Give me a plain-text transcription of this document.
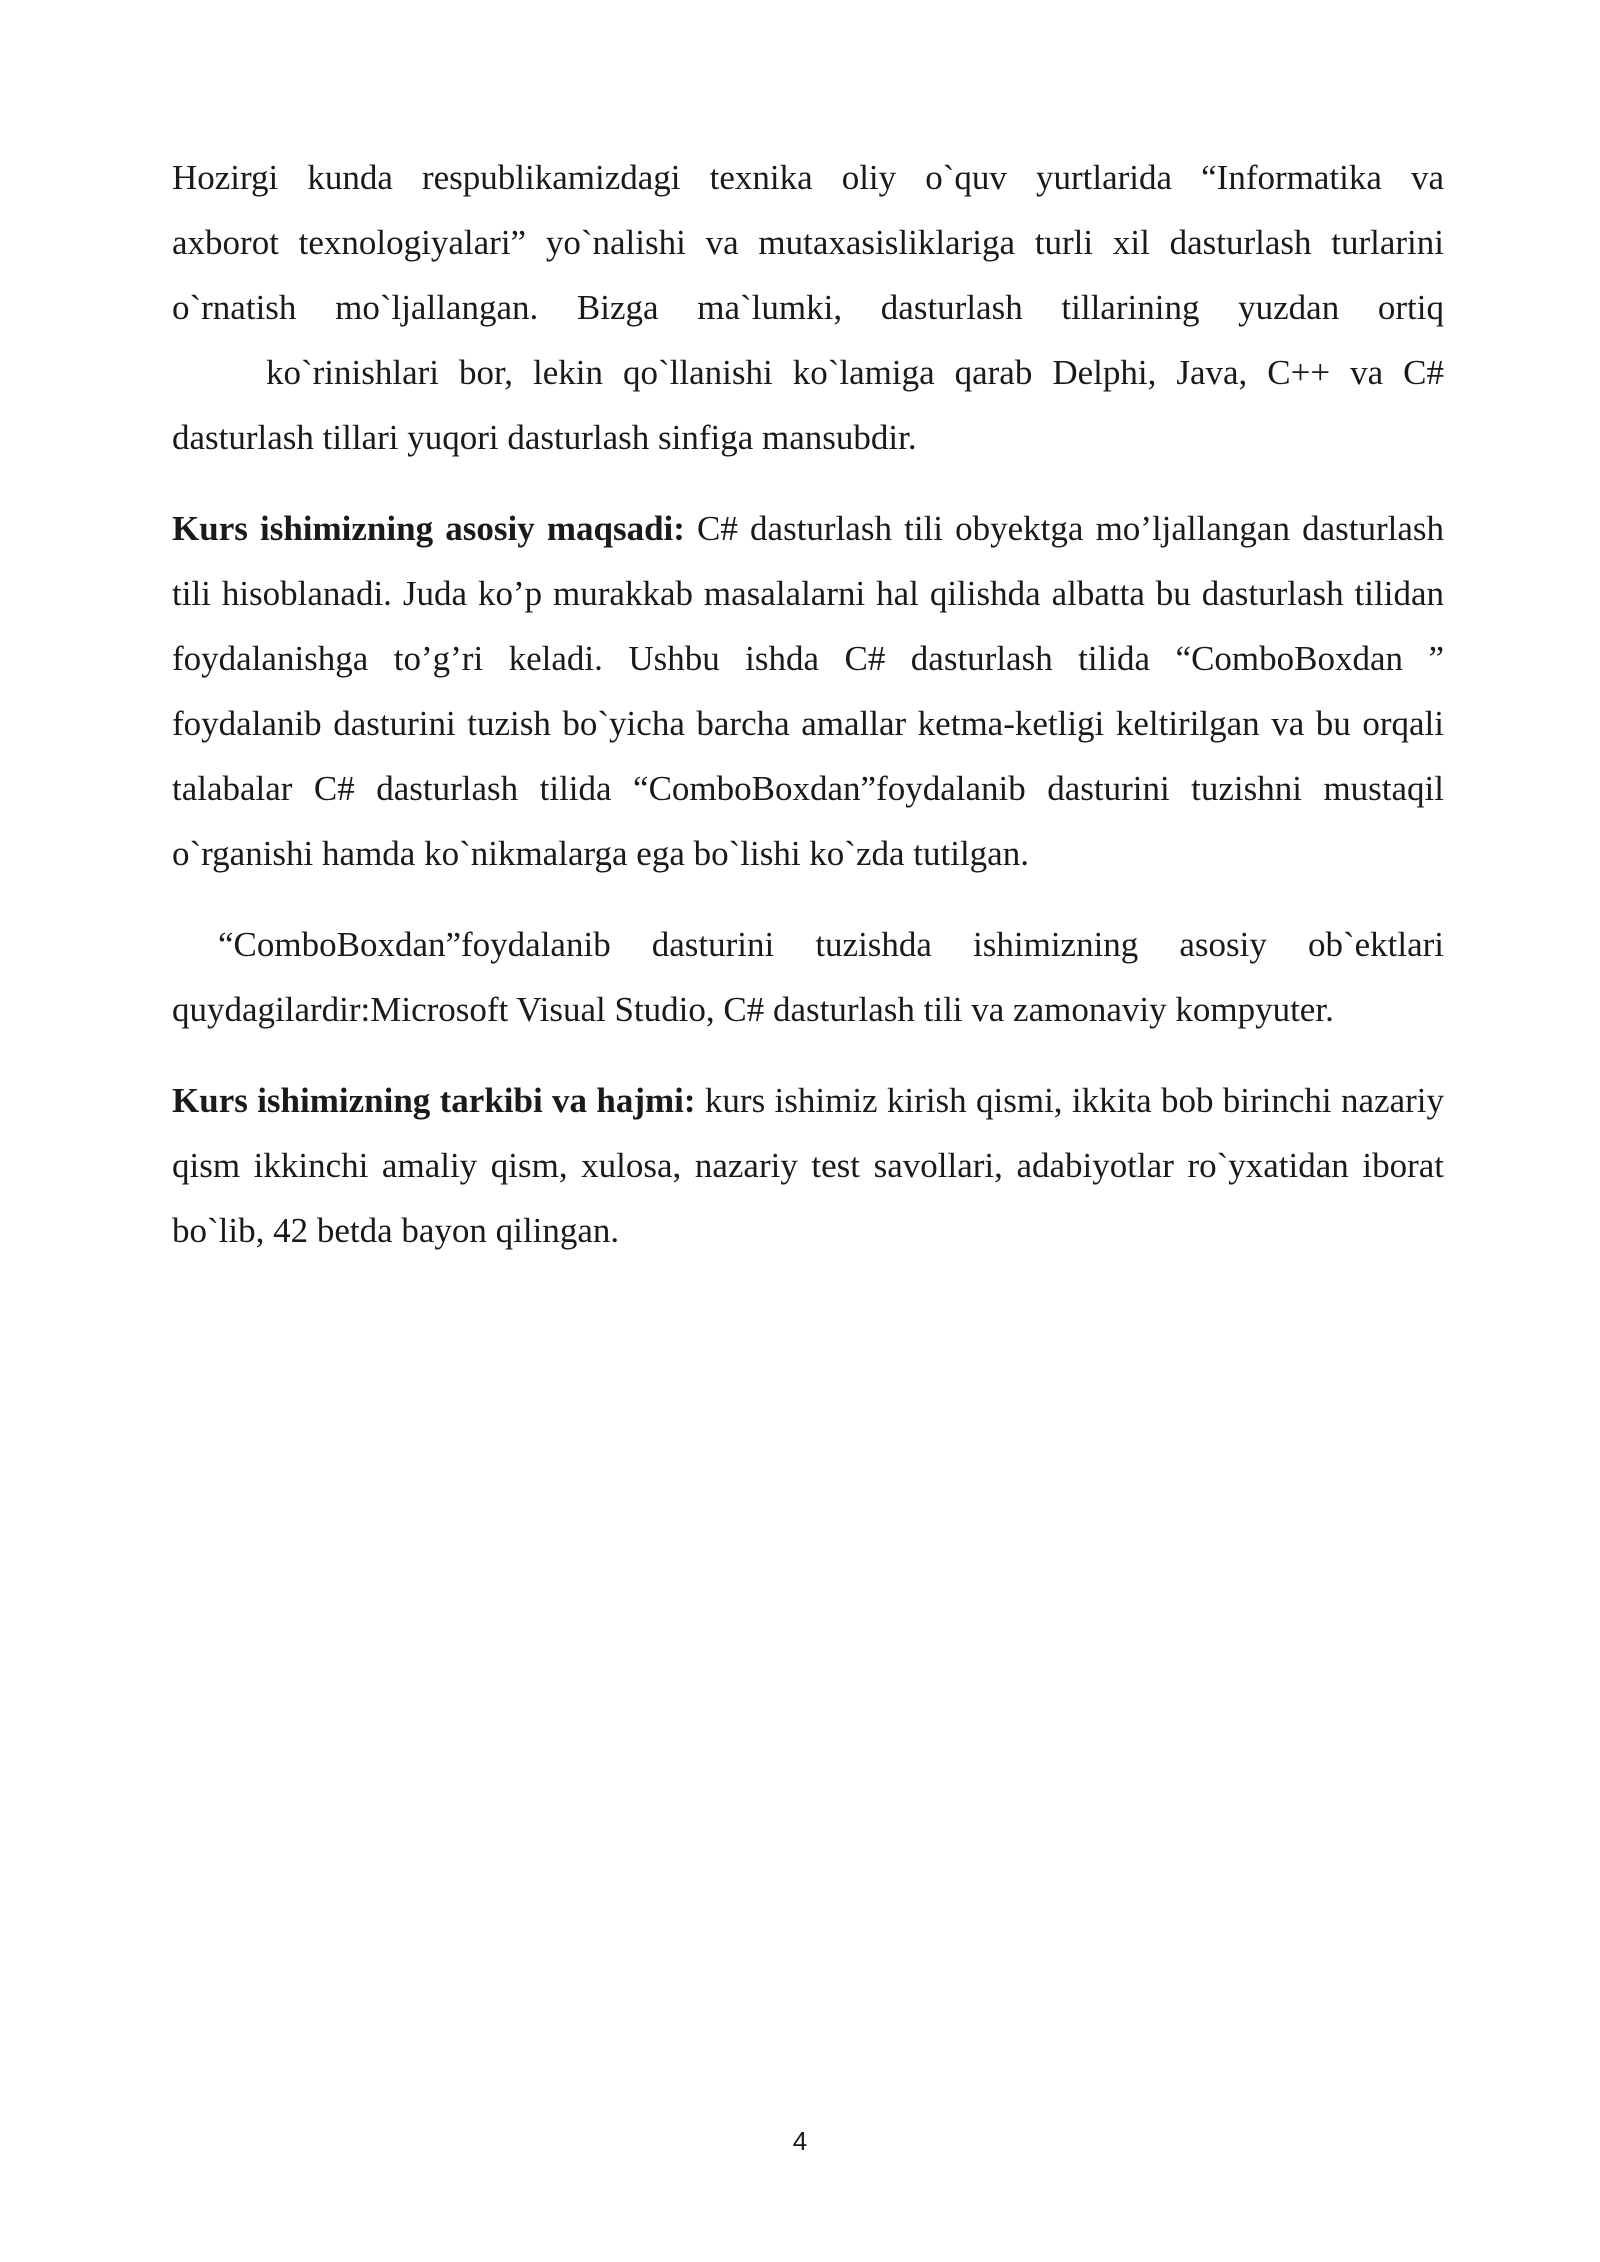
Hozirgi kunda respublikamizdagi texnika oliy o`quv yurtlarida “Informatika va
axborot texnologiyalari” yo`nalishi va mutaxasisliklariga turli xil dasturlash turlarini
o`rnatish mo`ljallangan. Bizga ma`lumki, dasturlash tillarining yuzdan ortiq
ko`rinishlari bor, lekin qo`llanishi ko`lamiga qarab Delphi, Java, C++ va C#
dasturlash tillari yuqori dasturlash sinfiga mansubdir.

Kurs ishimizning asosiy maqsadi: C# dasturlash tili obyektga mo’ljallangan dasturlash tili hisoblanadi. Juda ko’p murakkab masalalarni hal qilishda albatta bu dasturlash tilidan foydalanishga to’g’ri keladi. Ushbu ishda C# dasturlash tilida “ComboBoxdan ” foydalanib dasturini tuzish bo`yicha barcha amallar ketma-ketligi keltirilgan va bu orqali talabalar C# dasturlash tilida “ComboBoxdan”foydalanib dasturini tuzishni mustaqil o`rganishi hamda ko`nikmalarga ega bo`lishi ko`zda tutilgan.

“ComboBoxdan”foydalanib dasturini tuzishda ishimizning asosiy ob`ektlari quydagilardir:Microsoft Visual Studio, C# dasturlash tili va zamonaviy kompyuter.

Kurs ishimizning tarkibi va hajmi: kurs ishimiz kirish qismi, ikkita bob birinchi nazariy qism ikkinchi amaliy qism, xulosa, nazariy test savollari, adabiyotlar ro`yxatidan iborat bo`lib, 42 betda bayon qilingan.

4
